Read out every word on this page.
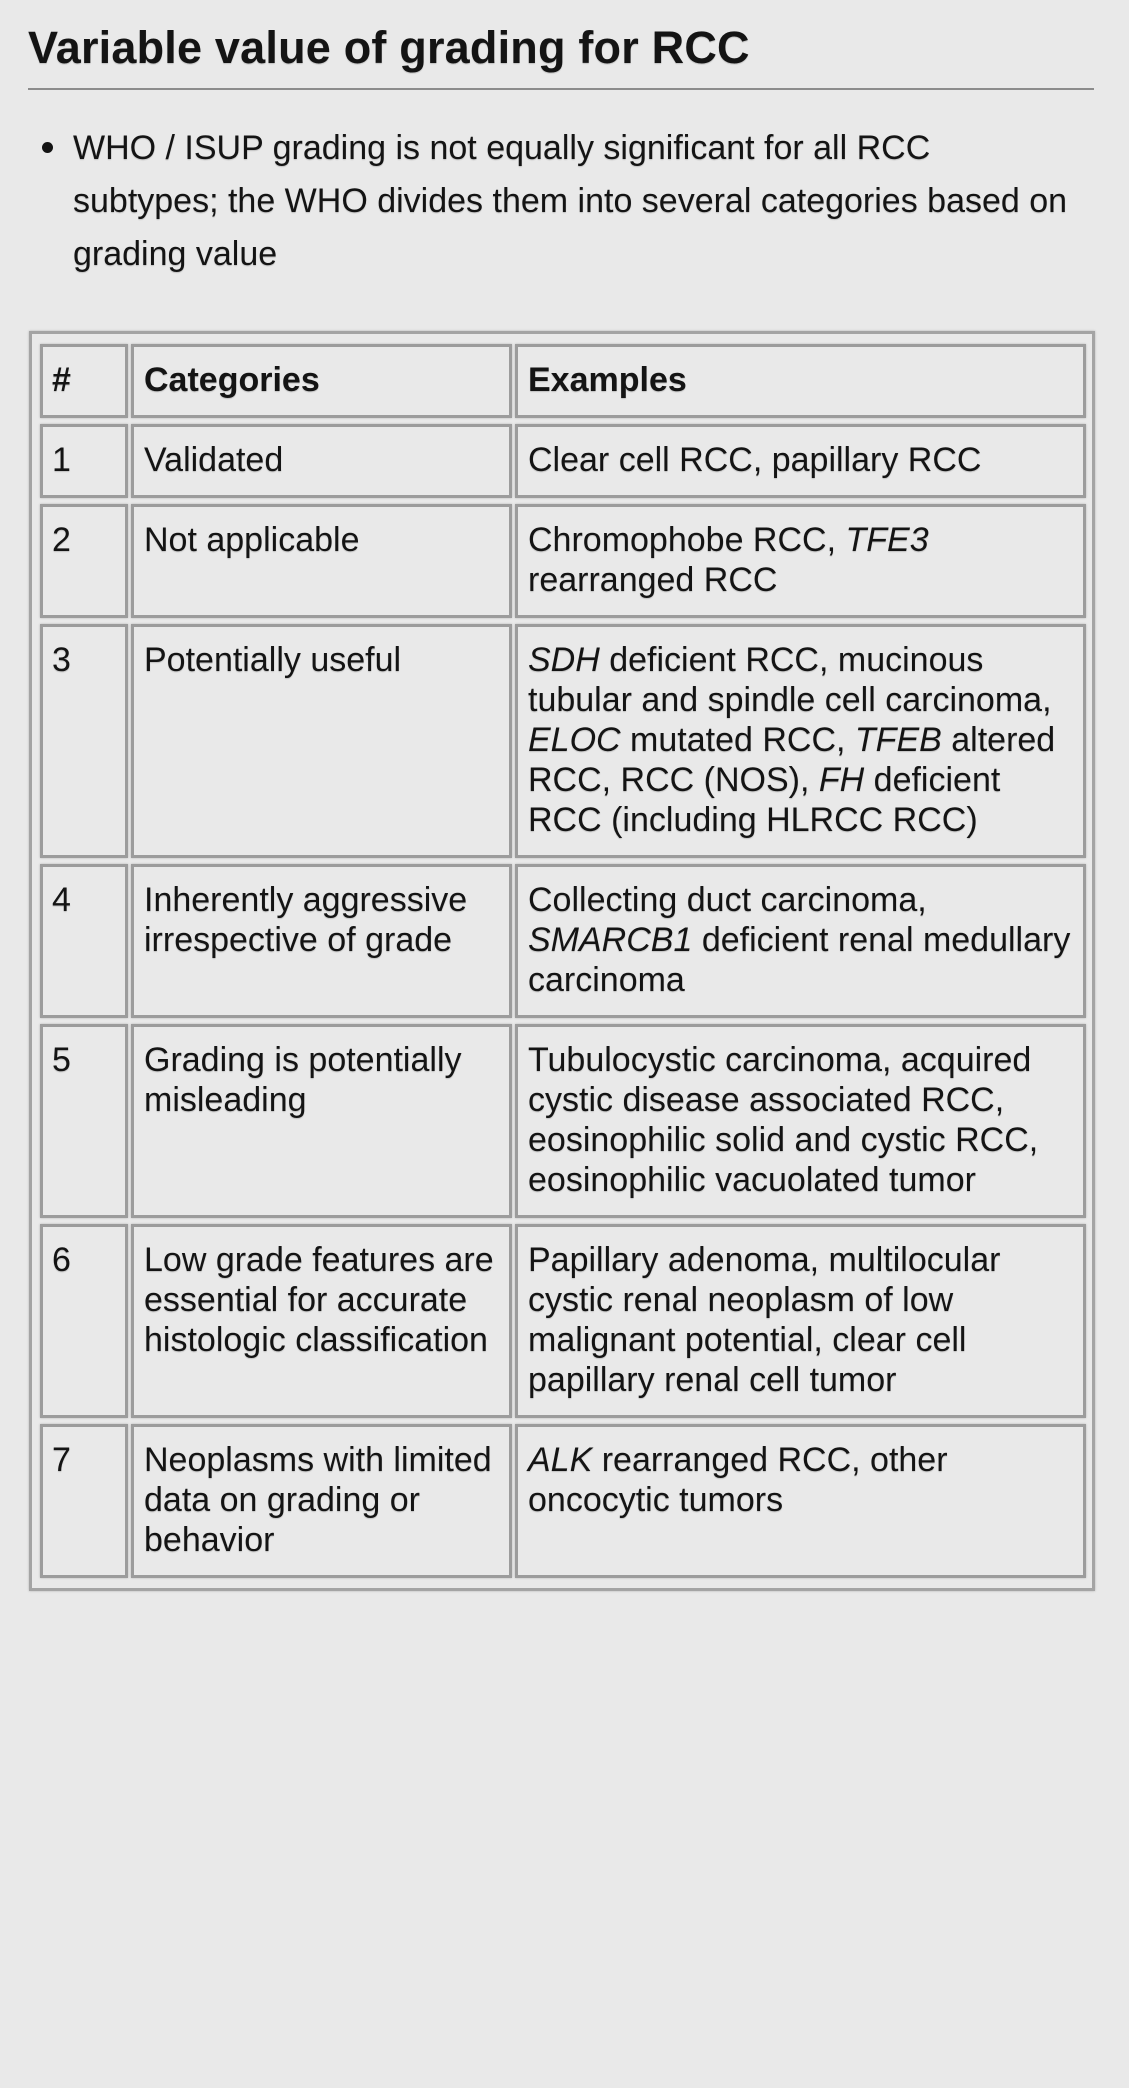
Variable value of grading for RCC
WHO / ISUP grading is not equally significant for all RCC subtypes; the WHO divides them into several categories based on grading value
#	Categories	Examples
1	Validated	Clear cell RCC, papillary RCC
2	Not applicable	Chromophobe RCC, TFE3 rearranged RCC
3	Potentially useful	SDH deficient RCC, mucinous tubular and spindle cell carcinoma, ELOC mutated RCC, TFEB altered RCC, RCC (NOS), FH deficient RCC (including HLRCC RCC)
4	Inherently aggressive irrespective of grade	Collecting duct carcinoma, SMARCB1 deficient renal medullary carcinoma
5	Grading is potentially misleading	Tubulocystic carcinoma, acquired cystic disease associated RCC, eosinophilic solid and cystic RCC, eosinophilic vacuolated tumor
6	Low grade features are essential for accurate histologic classification	Papillary adenoma, multilocular cystic renal neoplasm of low malignant potential, clear cell papillary renal cell tumor
7	Neoplasms with limited data on grading or behavior	ALK rearranged RCC, other oncocytic tumors
